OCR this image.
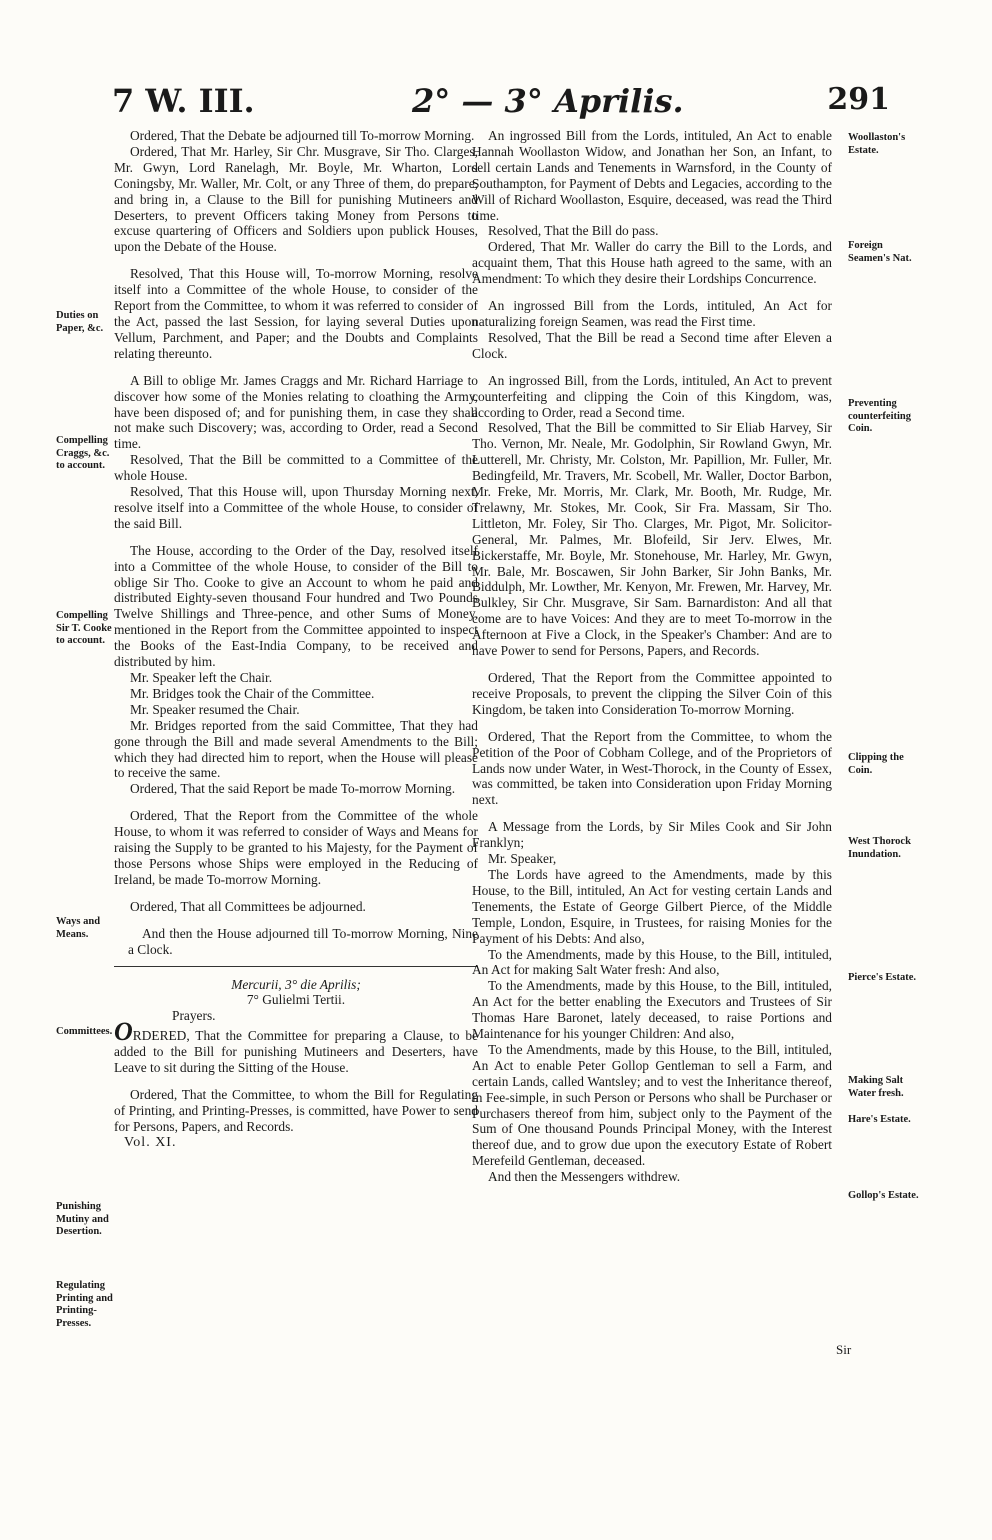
7 W. III.	2° — 3° Aprilis.	291
Duties on Paper, &c.
Compelling Craggs, &c. to account.
Compelling Sir T. Cooke to account.
Ways and Means.
Committees.
Punishing Mutiny and Desertion.
Regulating Printing and Printing-Presses.
Woollaston's Estate.
Foreign Seamen's Nat.
Preventing counterfeiting Coin.
Clipping the Coin.
West Thorock Inundation.
Pierce's Estate.
Making Salt Water fresh.
Hare's Estate.
Gollop's Estate.

Ordered, That the Debate be adjourned till To-morrow Morning.

Ordered, That Mr. Harley, Sir Chr. Musgrave, Sir Tho. Clarges, Mr. Gwyn, Lord Ranelagh, Mr. Boyle, Mr. Wharton, Lord Coningsby, Mr. Waller, Mr. Colt, or any Three of them, do prepare, and bring in, a Clause to the Bill for punishing Mutineers and Deserters, to prevent Officers taking Money from Persons to excuse quartering of Officers and Soldiers upon publick Houses, upon the Debate of the House.

Resolved, That this House will, To-morrow Morning, resolve itself into a Committee of the whole House, to consider of the Report from the Committee, to whom it was referred to consider of the Act, passed the last Session, for laying several Duties upon Vellum, Parchment, and Paper; and the Doubts and Complaints relating thereunto.

A Bill to oblige Mr. James Craggs and Mr. Richard Harriage to discover how some of the Monies relating to cloathing the Army, have been disposed of; and for punishing them, in case they shall not make such Discovery; was, according to Order, read a Second time.

Resolved, That the Bill be committed to a Committee of the whole House.

Resolved, That this House will, upon Thursday Morning next, resolve itself into a Committee of the whole House, to consider of the said Bill.

The House, according to the Order of the Day, resolved itself into a Committee of the whole House, to consider of the Bill to oblige Sir Tho. Cooke to give an Account to whom he paid and distributed Eighty-seven thousand Four hundred and Two Pounds Twelve Shillings and Three-pence, and other Sums of Money, mentioned in the Report from the Committee appointed to inspect the Books of the East-India Company, to be received and distributed by him.

Mr. Speaker left the Chair.

Mr. Bridges took the Chair of the Committee.

Mr. Speaker resumed the Chair.

Mr. Bridges reported from the said Committee, That they had gone through the Bill and made several Amendments to the Bill; which they had directed him to report, when the House will please to receive the same.

Ordered, That the said Report be made To-morrow Morning.

Ordered, That the Report from the Committee of the whole House, to whom it was referred to consider of Ways and Means for raising the Supply to be granted to his Majesty, for the Payment of those Persons whose Ships were employed in the Reducing of Ireland, be made To-morrow Morning.

Ordered, That all Committees be adjourned.

And then the House adjourned till To-morrow Morning, Nine a Clock.

Mercurii, 3° die Aprilis;

7° Gulielmi Tertii.

Prayers.

ORDERED, That the Committee for preparing a Clause, to be added to the Bill for punishing Mutineers and Deserters, have Leave to sit during the Sitting of the House.

Ordered, That the Committee, to whom the Bill for Regulating of Printing, and Printing-Presses, is committed, have Power to send for Persons, Papers, and Records.

Vol. XI.

An ingrossed Bill from the Lords, intituled, An Act to enable Hannah Woollaston Widow, and Jonathan her Son, an Infant, to sell certain Lands and Tenements in Warnsford, in the County of Southampton, for Payment of Debts and Legacies, according to the Will of Richard Woollaston, Esquire, deceased, was read the Third time.

Resolved, That the Bill do pass.

Ordered, That Mr. Waller do carry the Bill to the Lords, and acquaint them, That this House hath agreed to the same, with an Amendment: To which they desire their Lordships Concurrence.

An ingrossed Bill from the Lords, intituled, An Act for naturalizing foreign Seamen, was read the First time.

Resolved, That the Bill be read a Second time after Eleven a Clock.

An ingrossed Bill, from the Lords, intituled, An Act to prevent counterfeiting and clipping the Coin of this Kingdom, was, according to Order, read a Second time.

Resolved, That the Bill be committed to Sir Eliab Harvey, Sir Tho. Vernon, Mr. Neale, Mr. Godolphin, Sir Rowland Gwyn, Mr. Lutterell, Mr. Christy, Mr. Colston, Mr. Papillion, Mr. Fuller, Mr. Bedingfeild, Mr. Travers, Mr. Scobell, Mr. Waller, Doctor Barbon, Mr. Freke, Mr. Morris, Mr. Clark, Mr. Booth, Mr. Rudge, Mr. Trelawny, Mr. Stokes, Mr. Cook, Sir Fra. Massam, Sir Tho. Littleton, Mr. Foley, Sir Tho. Clarges, Mr. Pigot, Mr. Solicitor-General, Mr. Palmes, Mr. Blofeild, Sir Jerv. Elwes, Mr. Bickerstaffe, Mr. Boyle, Mr. Stonehouse, Mr. Harley, Mr. Gwyn, Mr. Bale, Mr. Boscawen, Sir John Barker, Sir John Banks, Mr. Biddulph, Mr. Lowther, Mr. Kenyon, Mr. Frewen, Mr. Harvey, Mr. Bulkley, Sir Chr. Musgrave, Sir Sam. Barnardiston: And all that come are to have Voices: And they are to meet To-morrow in the Afternoon at Five a Clock, in the Speaker's Chamber: And are to have Power to send for Persons, Papers, and Records.

Ordered, That the Report from the Committee appointed to receive Proposals, to prevent the clipping the Silver Coin of this Kingdom, be taken into Consideration To-morrow Morning.

Ordered, That the Report from the Committee, to whom the Petition of the Poor of Cobham College, and of the Proprietors of Lands now under Water, in West-Thorock, in the County of Essex, was committed, be taken into Consideration upon Friday Morning next.

A Message from the Lords, by Sir Miles Cook and Sir John Franklyn;

Mr. Speaker,

The Lords have agreed to the Amendments, made by this House, to the Bill, intituled, An Act for vesting certain Lands and Tenements, the Estate of George Gilbert Pierce, of the Middle Temple, London, Esquire, in Trustees, for raising Monies for the Payment of his Debts: And also,

To the Amendments, made by this House, to the Bill, intituled, An Act for making Salt Water fresh: And also,

To the Amendments, made by this House, to the Bill, intituled, An Act for the better enabling the Executors and Trustees of Sir Thomas Hare Baronet, lately deceased, to raise Portions and Maintenance for his younger Children: And also,

To the Amendments, made by this House, to the Bill, intituled, An Act to enable Peter Gollop Gentleman to sell a Farm, and certain Lands, called Wantsley; and to vest the Inheritance thereof, in Fee-simple, in such Person or Persons who shall be Purchaser or Purchasers thereof from him, subject only to the Payment of the Sum of One thousand Pounds Principal Money, with the Interest thereof due, and to grow due upon the executory Estate of Robert Merefeild Gentleman, deceased.

And then the Messengers withdrew.

Sir
